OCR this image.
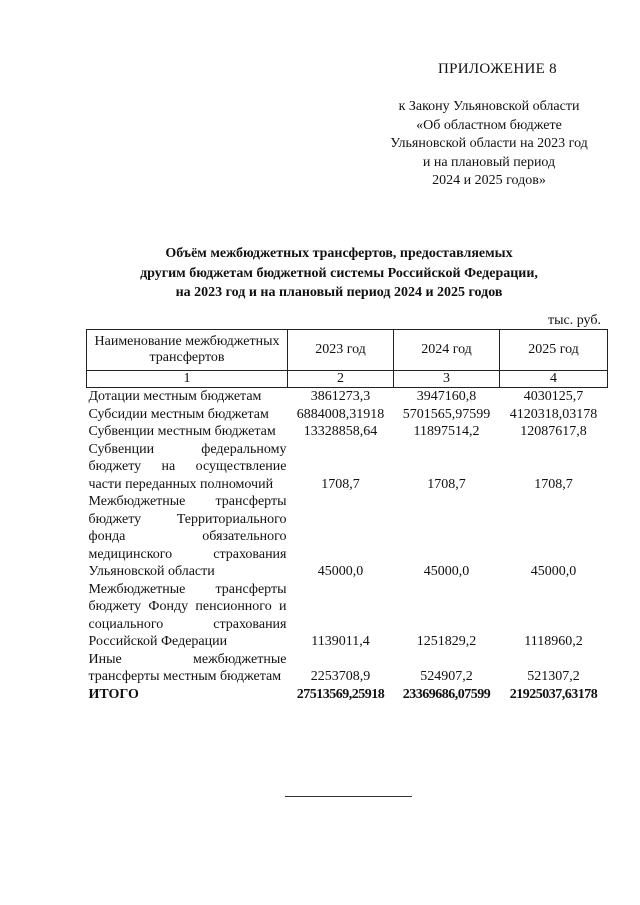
ПРИЛОЖЕНИЕ 8
к Закону Ульяновской области
«Об областном бюджете
Ульяновской области на 2023 год
и на плановый период
2024 и 2025 годов»
Объём межбюджетных трансфертов, предоставляемых
другим бюджетам бюджетной системы Российской Федерации,
на 2023 год и на плановый период 2024 и 2025 годов
тыс. руб.
Наименование межбюджетных трансфертов	2023 год	2024 год	2025 год
1	2	3	4
Дотации местным бюджетам	3861273,3	3947160,8	4030125,7
Субсидии местным бюджетам	6884008,31918	5701565,97599	4120318,03178
Субвенции местным бюджетам	13328858,64	11897514,2	12087617,8
Субвенции федеральному бюджету на осуществление части переданных полномочий	1708,7	1708,7	1708,7
Межбюджетные трансферты бюджету Территориального фонда обязательного медицинского страхования Ульяновской области	45000,0	45000,0	45000,0
Межбюджетные трансферты бюджету Фонду пенсионного и социального страхования Российской Федерации	1139011,4	1251829,2	1118960,2
Иные межбюджетные трансферты местным бюджетам	2253708,9	524907,2	521307,2
ИТОГО	27513569,25918	23369686,07599	21925037,63178
